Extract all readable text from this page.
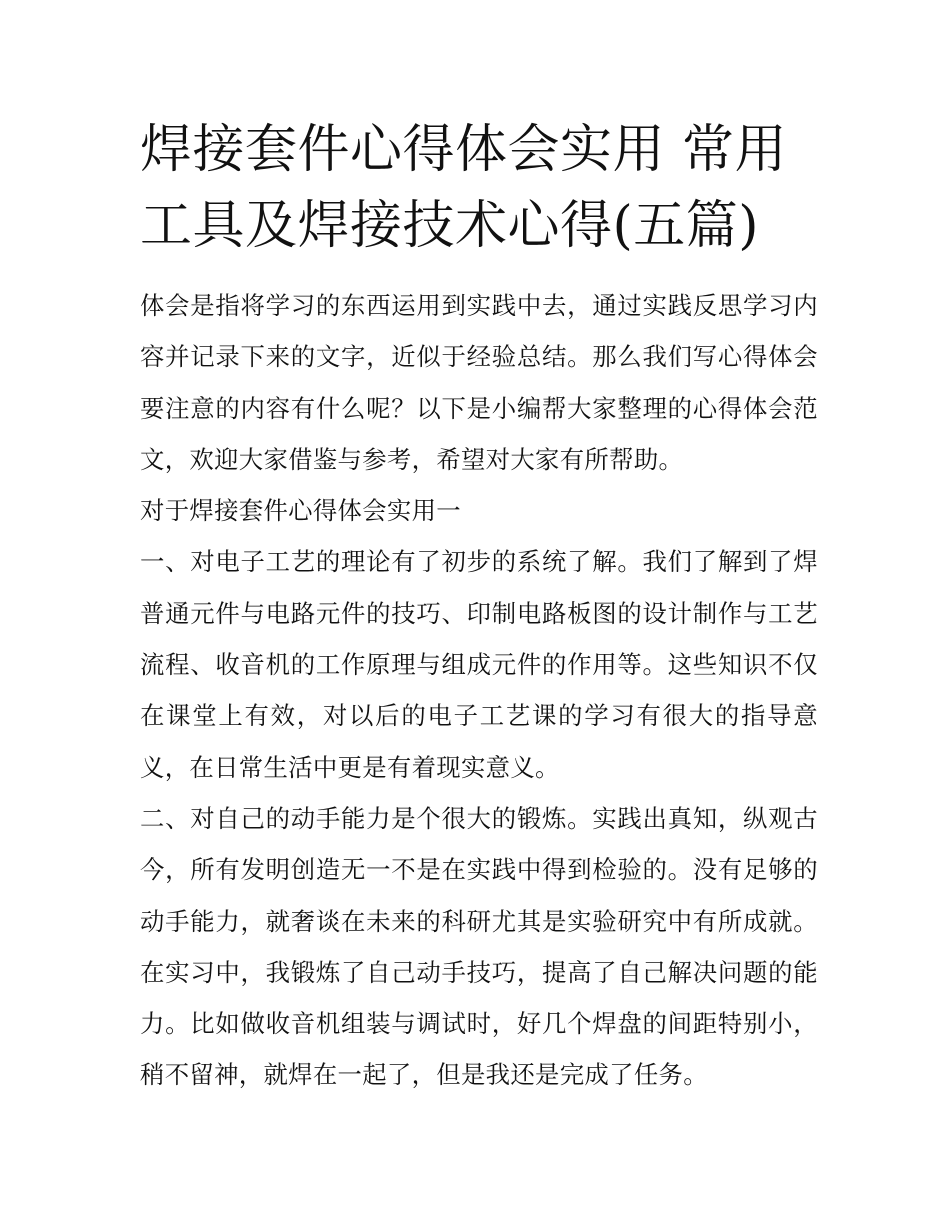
焊接套件心得体会实用 常用工具及焊接技术心得(五篇)

体会是指将学习的东西运用到实践中去，通过实践反思学习内容并记录下来的文字，近似于经验总结。那么我们写心得体会要注意的内容有什么呢？以下是小编帮大家整理的心得体会范文，欢迎大家借鉴与参考，希望对大家有所帮助。

对于焊接套件心得体会实用一

一、对电子工艺的理论有了初步的系统了解。我们了解到了焊普通元件与电路元件的技巧、印制电路板图的设计制作与工艺流程、收音机的工作原理与组成元件的作用等。这些知识不仅在课堂上有效，对以后的电子工艺课的学习有很大的指导意义，在日常生活中更是有着现实意义。

二、对自己的动手能力是个很大的锻炼。实践出真知，纵观古今，所有发明创造无一不是在实践中得到检验的。没有足够的动手能力，就奢谈在未来的科研尤其是实验研究中有所成就。在实习中，我锻炼了自己动手技巧，提高了自己解决问题的能力。比如做收音机组装与调试时，好几个焊盘的间距特别小，稍不留神，就焊在一起了，但是我还是完成了任务。
